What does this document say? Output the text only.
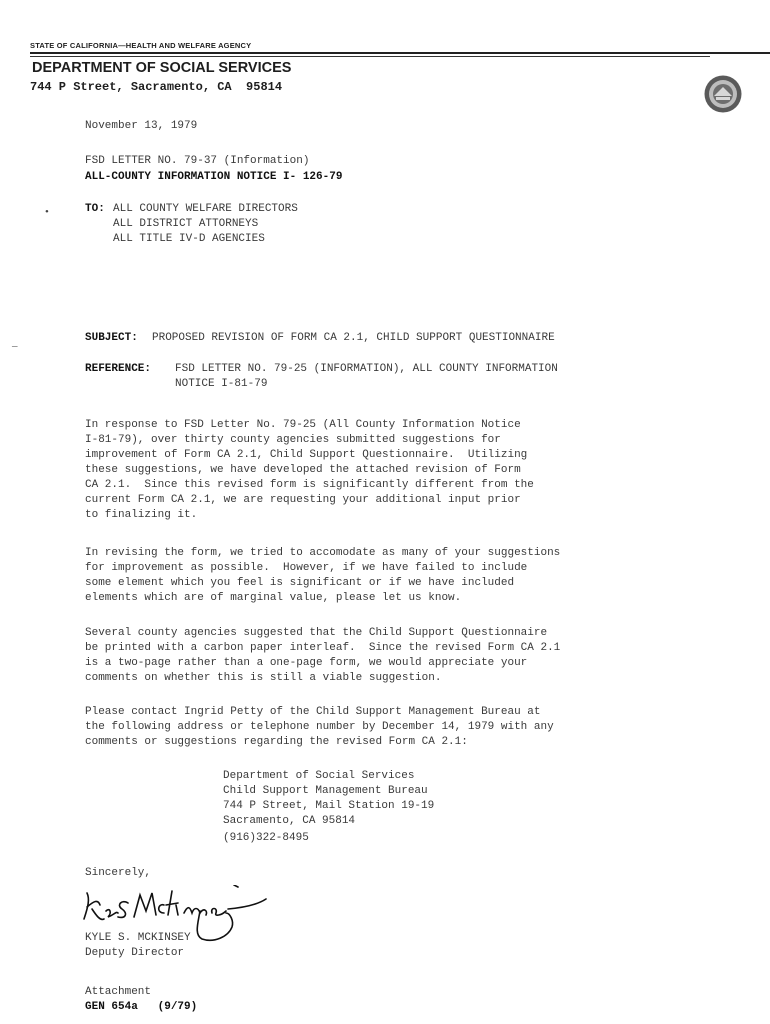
STATE OF CALIFORNIA—HEALTH AND WELFARE AGENCY
DEPARTMENT OF SOCIAL SERVICES
744 P Street, Sacramento, CA  95814
November 13, 1979
FSD LETTER NO. 79-37 (Information)
ALL-COUNTY INFORMATION NOTICE I- 126-79
•	TO: ALL COUNTY WELFARE DIRECTORS
ALL DISTRICT ATTORNEYS
ALL TITLE IV-D AGENCIES
–
SUBJECT: PROPOSED REVISION OF FORM CA 2.1, CHILD SUPPORT QUESTIONNAIRE
REFERENCE: FSD LETTER NO. 79-25 (INFORMATION), ALL COUNTY INFORMATION
NOTICE I-81-79
In response to FSD Letter No. 79-25 (All County Information Notice
I-81-79), over thirty county agencies submitted suggestions for
improvement of Form CA 2.1, Child Support Questionnaire.  Utilizing
these suggestions, we have developed the attached revision of Form
CA 2.1.  Since this revised form is significantly different from the
current Form CA 2.1, we are requesting your additional input prior
to finalizing it.
In revising the form, we tried to accomodate as many of your suggestions
for improvement as possible.  However, if we have failed to include
some element which you feel is significant or if we have included
elements which are of marginal value, please let us know.
Several county agencies suggested that the Child Support Questionnaire
be printed with a carbon paper interleaf.  Since the revised Form CA 2.1
is a two-page rather than a one-page form, we would appreciate your
comments on whether this is still a viable suggestion.
Please contact Ingrid Petty of the Child Support Management Bureau at
the following address or telephone number by December 14, 1979 with any
comments or suggestions regarding the revised Form CA 2.1:
Department of Social Services
Child Support Management Bureau
744 P Street, Mail Station 19-19
Sacramento, CA 95814
(916)322-8495
Sincerely,
KYLE S. MCKINSEY
Deputy Director
Attachment
GEN 654a   (9/79)
